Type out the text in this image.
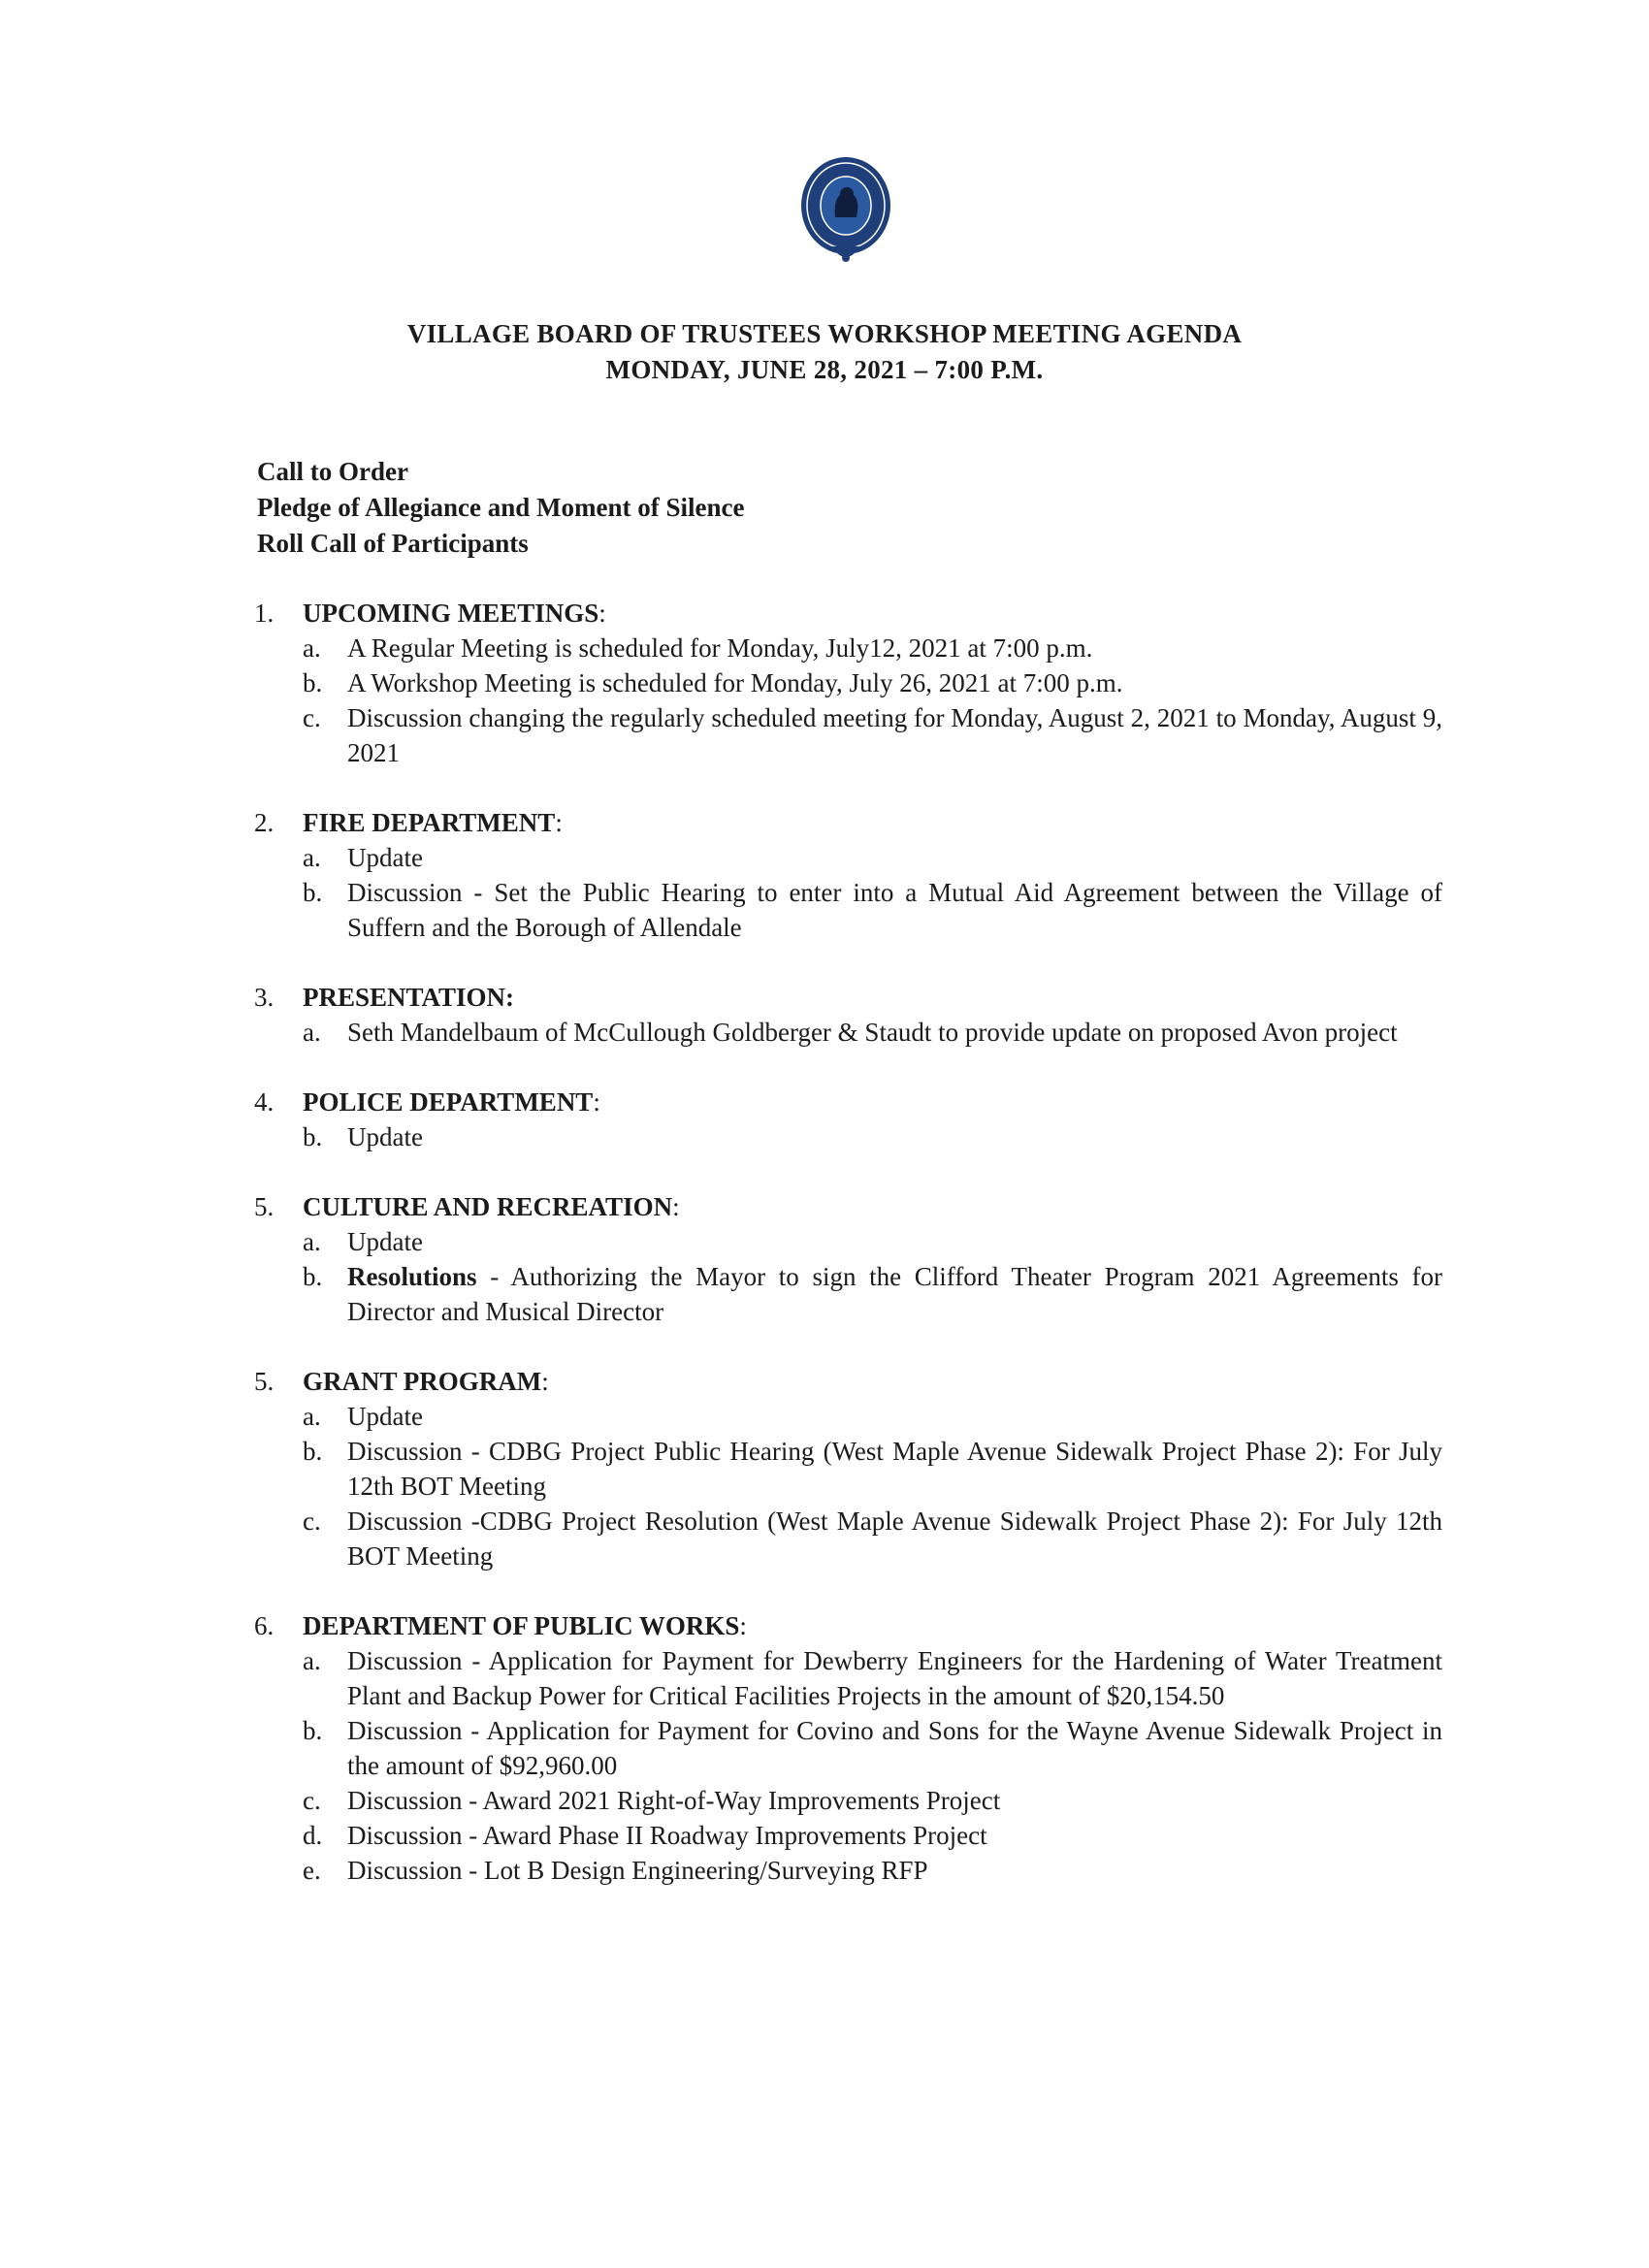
VILLAGE BOARD OF TRUSTEES WORKSHOP MEETING AGENDA
MONDAY, JUNE 28, 2021 – 7:00 P.M.
Call to Order
Pledge of Allegiance and Moment of Silence
Roll Call of Participants
1. UPCOMING MEETINGS:
a. A Regular Meeting is scheduled for Monday, July12, 2021 at 7:00 p.m.
b. A Workshop Meeting is scheduled for Monday, July 26, 2021 at 7:00 p.m.
c. Discussion changing the regularly scheduled meeting for Monday, August 2, 2021 to Monday, August 9, 2021
2. FIRE DEPARTMENT:
a. Update
b. Discussion - Set the Public Hearing to enter into a Mutual Aid Agreement between the Village of Suffern and the Borough of Allendale
3. PRESENTATION:
a. Seth Mandelbaum of McCullough Goldberger & Staudt to provide update on proposed Avon project
4. POLICE DEPARTMENT:
b. Update
5. CULTURE AND RECREATION:
a. Update
b. Resolutions - Authorizing the Mayor to sign the Clifford Theater Program 2021 Agreements for Director and Musical Director
5. GRANT PROGRAM:
a. Update
b. Discussion - CDBG Project Public Hearing (West Maple Avenue Sidewalk Project Phase 2): For July 12th BOT Meeting
c. Discussion -CDBG Project Resolution (West Maple Avenue Sidewalk Project Phase 2): For July 12th BOT Meeting
6. DEPARTMENT OF PUBLIC WORKS:
a. Discussion - Application for Payment for Dewberry Engineers for the Hardening of Water Treatment Plant and Backup Power for Critical Facilities Projects in the amount of $20,154.50
b. Discussion - Application for Payment for Covino and Sons for the Wayne Avenue Sidewalk Project in the amount of $92,960.00
c. Discussion - Award 2021 Right-of-Way Improvements Project
d. Discussion - Award Phase II Roadway Improvements Project
e. Discussion - Lot B Design Engineering/Surveying RFP
